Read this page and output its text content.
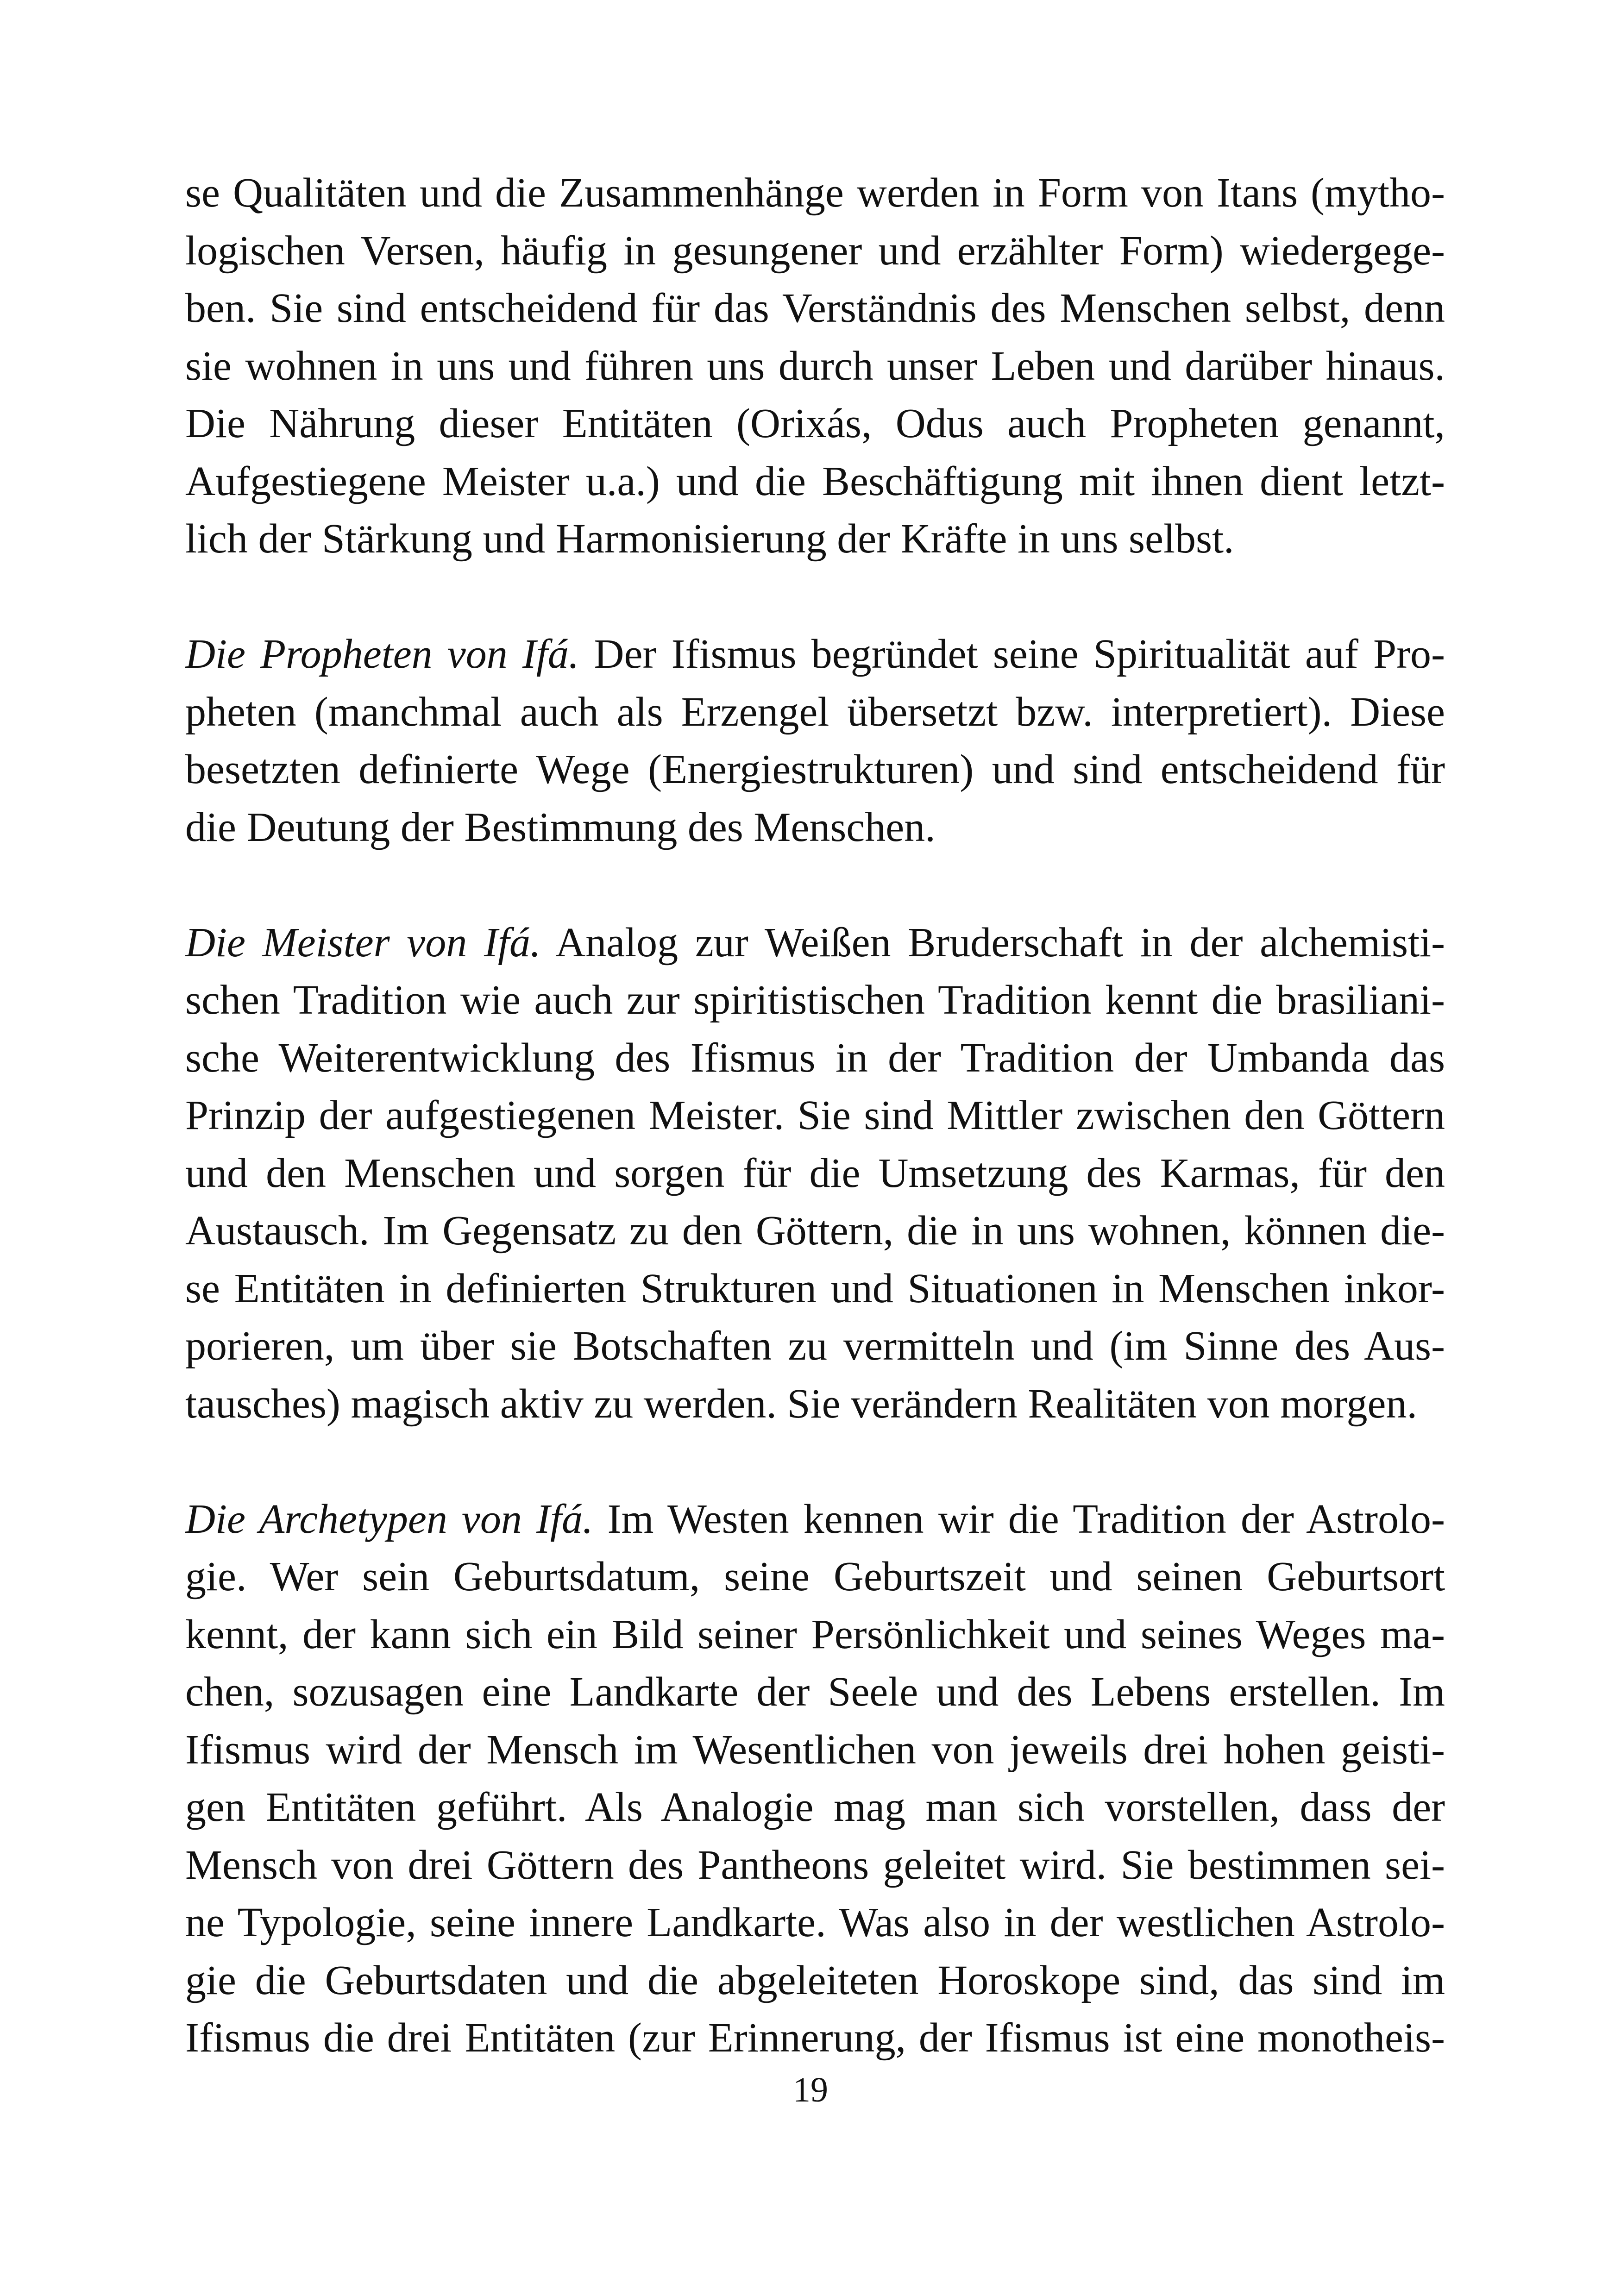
se Qualitäten und die Zusammenhänge werden in Form von Itans (mytho-
logischen Versen, häufig in gesungener und erzählter Form) wiedergege-
ben. Sie sind entscheidend für das Verständnis des Menschen selbst, denn
sie wohnen in uns und führen uns durch unser Leben und darüber hinaus.
Die Nährung dieser Entitäten (Orixás, Odus auch Propheten genannt,
Aufgestiegene Meister u.a.) und die Beschäftigung mit ihnen dient letzt-
lich der Stärkung und Harmonisierung der Kräfte in uns selbst.

Die Propheten von Ifá. Der Ifismus begründet seine Spiritualität auf Pro-
pheten (manchmal auch als Erzengel übersetzt bzw. interpretiert). Diese
besetzten definierte Wege (Energiestrukturen) und sind entscheidend für
die Deutung der Bestimmung des Menschen.

Die Meister von Ifá. Analog zur Weißen Bruderschaft in der alchemisti-
schen Tradition wie auch zur spiritistischen Tradition kennt die brasiliani-
sche Weiterentwicklung des Ifismus in der Tradition der Umbanda das
Prinzip der aufgestiegenen Meister. Sie sind Mittler zwischen den Göttern
und den Menschen und sorgen für die Umsetzung des Karmas, für den
Austausch. Im Gegensatz zu den Göttern, die in uns wohnen, können die-
se Entitäten in definierten Strukturen und Situationen in Menschen inkor-
porieren, um über sie Botschaften zu vermitteln und (im Sinne des Aus-
tausches) magisch aktiv zu werden. Sie verändern Realitäten von morgen.

Die Archetypen von Ifá. Im Westen kennen wir die Tradition der Astrolo-
gie. Wer sein Geburtsdatum, seine Geburtszeit und seinen Geburtsort
kennt, der kann sich ein Bild seiner Persönlichkeit und seines Weges ma-
chen, sozusagen eine Landkarte der Seele und des Lebens erstellen. Im
Ifismus wird der Mensch im Wesentlichen von jeweils drei hohen geisti-
gen Entitäten geführt. Als Analogie mag man sich vorstellen, dass der
Mensch von drei Göttern des Pantheons geleitet wird. Sie bestimmen sei-
ne Typologie, seine innere Landkarte. Was also in der westlichen Astrolo-
gie die Geburtsdaten und die abgeleiteten Horoskope sind, das sind im
Ifismus die drei Entitäten (zur Erinnerung, der Ifismus ist eine monotheis-

19
